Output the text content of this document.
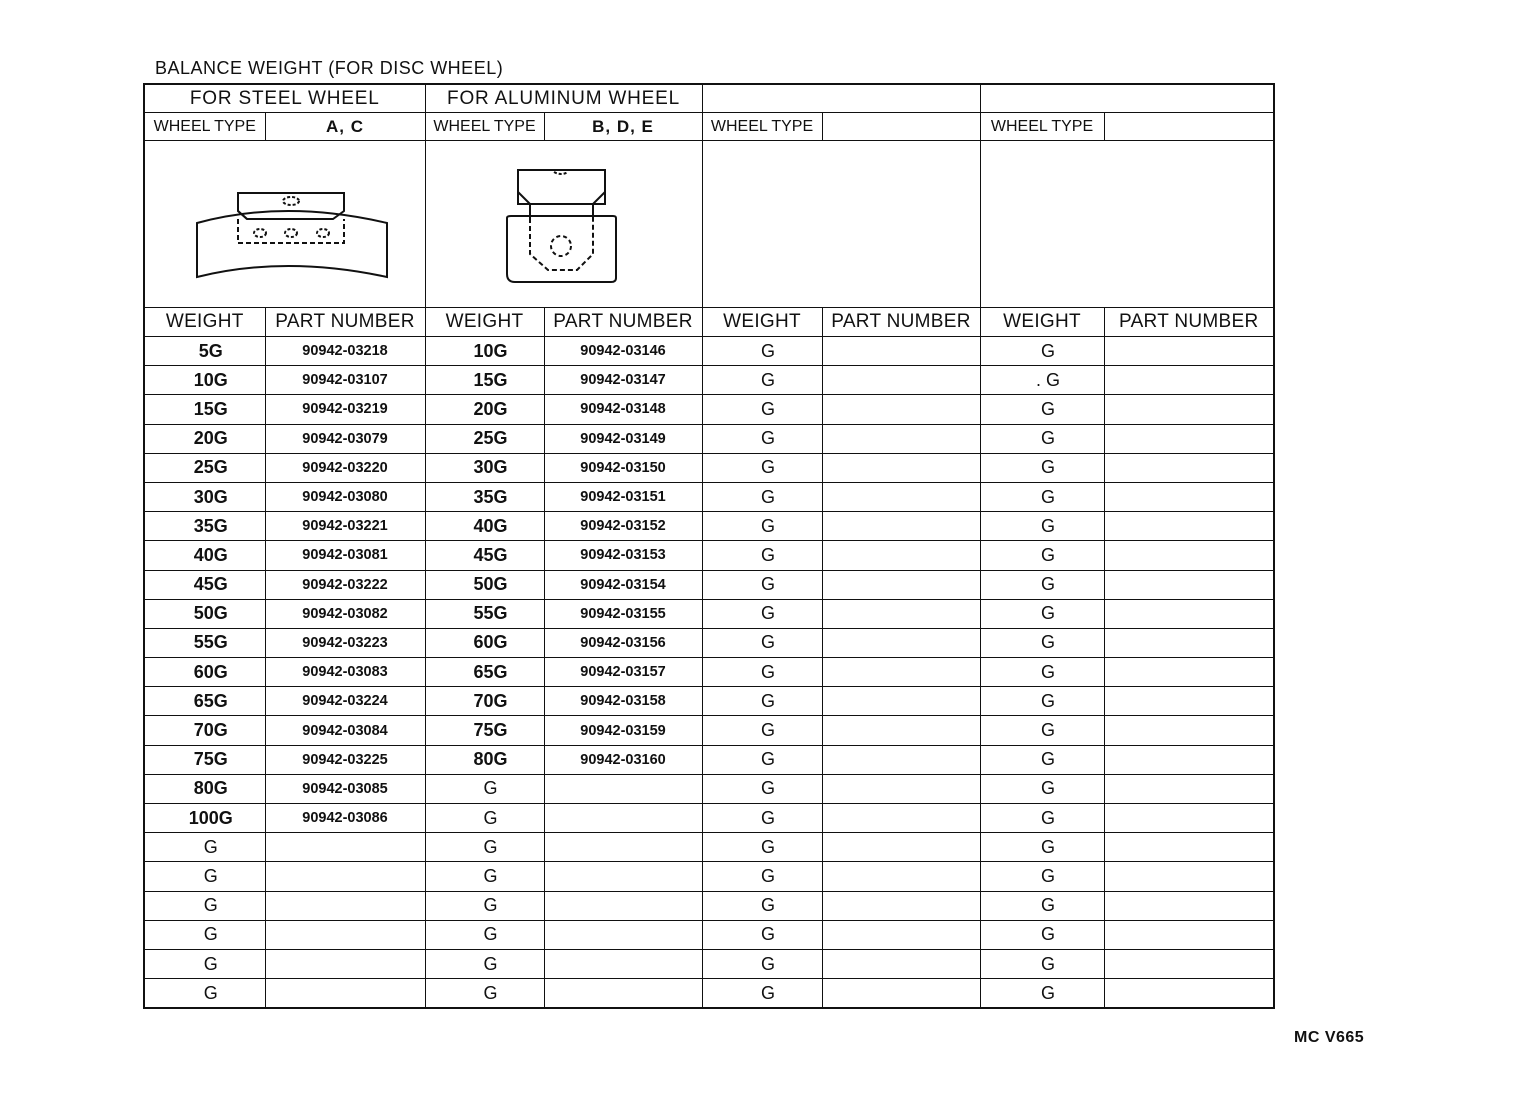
BALANCE WEIGHT (FOR DISC WHEEL)
FOR STEEL WHEEL		FOR ALUMINUM WHEEL					
WHEEL TYPE	A, C	WHEEL TYPE	B, D, E	WHEEL TYPE		WHEEL TYPE	

WEIGHT	PART NUMBER	WEIGHT	PART NUMBER	WEIGHT	PART NUMBER	WEIGHT	PART NUMBER
5G	90942-03218	10G	90942-03146	G		G	
10G	90942-03107	15G	90942-03147	G		. G	
15G	90942-03219	20G	90942-03148	G		G	
20G	90942-03079	25G	90942-03149	G		G	
25G	90942-03220	30G	90942-03150	G		G	
30G	90942-03080	35G	90942-03151	G		G	
35G	90942-03221	40G	90942-03152	G		G	
40G	90942-03081	45G	90942-03153	G		G	
45G	90942-03222	50G	90942-03154	G		G	
50G	90942-03082	55G	90942-03155	G		G	
55G	90942-03223	60G	90942-03156	G		G	
60G	90942-03083	65G	90942-03157	G		G	
65G	90942-03224	70G	90942-03158	G		G	
70G	90942-03084	75G	90942-03159	G		G	
75G	90942-03225	80G	90942-03160	G		G	
80G	90942-03085	G		G		G	
100G	90942-03086	G		G		G	
G		G		G		G	
G		G		G		G	
G		G		G		G	
G		G		G		G	
G		G		G		G	
G		G		G		G	
MC V665
